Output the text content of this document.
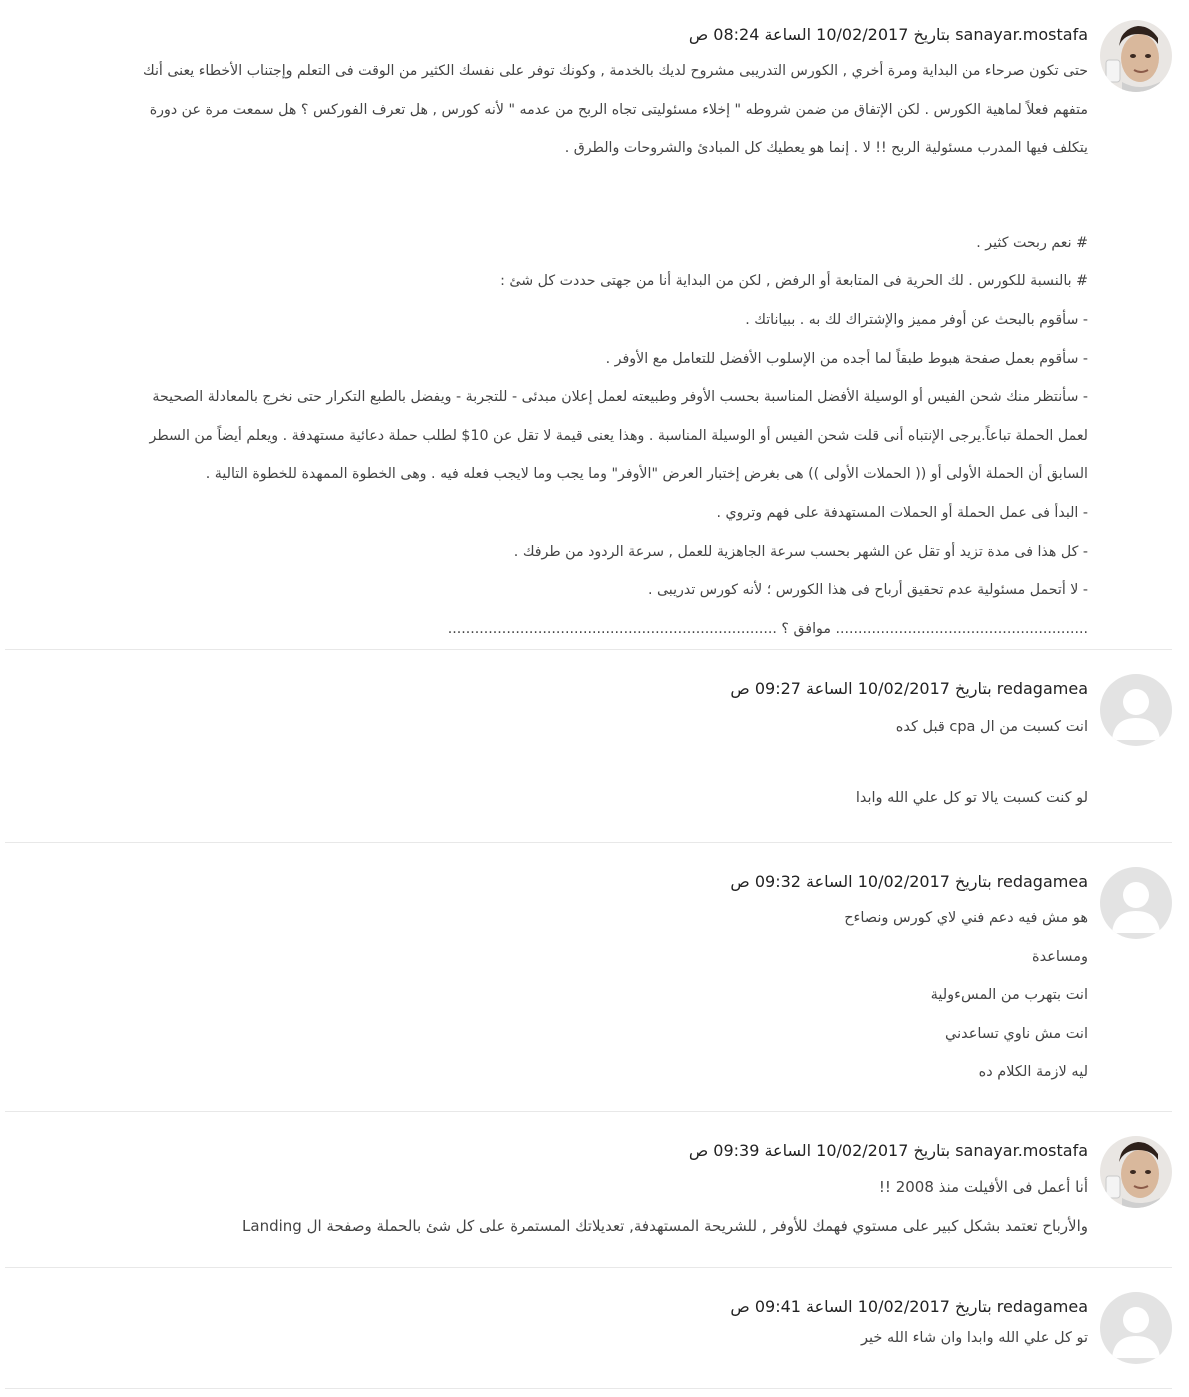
sanayar.mostafa بتاريخ 10/02/2017 الساعة 08:24 ص
حتى تكون صرحاء من البداية ومرة أخري , الكورس التدريبى مشروح لديك بالخدمة , وكونك توفر على نفسك الكثير من الوقت فى التعلم وإجتناب الأخطاء يعنى أنك
متفهم فعلاً لماهية الكورس . لكن الإتفاق من ضمن شروطه " إخلاء مسئوليتى تجاه الربح من عدمه " لأنه كورس , هل تعرف الفوركس ؟ هل سمعت مرة عن دورة
يتكلف فيها المدرب مسئولية الربح !! لا . إنما هو يعطيك كل المبادئ والشروحات والطرق .
# نعم ربحت كثير .
# بالنسبة للكورس . لك الحرية فى المتابعة أو الرفض , لكن من البداية أنا من جهتى حددت كل شئ :
- سأقوم بالبحث عن أوفر مميز والإشتراك لك به . ببياناتك .
- سأقوم بعمل صفحة هبوط طبقاً لما أجده من الإسلوب الأفضل للتعامل مع الأوفر .
- سأنتظر منك شحن الفيس أو الوسيلة الأفضل المناسبة بحسب الأوفر وطبيعته لعمل إعلان مبدئى - للتجربة - ويفضل بالطبع التكرار حتى نخرج بالمعادلة الصحيحة
لعمل الحملة تباعاً.يرجى الإنتباه أنى قلت شحن الفيس أو الوسيلة المناسبة . وهذا يعنى قيمة لا تقل عن 10$ لطلب حملة دعائية مستهدفة . ويعلم أيضاً من السطر
السابق أن الحملة الأولى أو (( الحملات الأولى )) هى بغرض إختبار العرض "الأوفر" وما يجب وما لايجب فعله فيه . وهى الخطوة الممهدة للخطوة التالية .
- البدأ فى عمل الحملة أو الحملات المستهدفة على فهم وتروي .
- كل هذا فى مدة تزيد أو تقل عن الشهر بحسب سرعة الجاهزية للعمل , سرعة الردود من طرفك .
- لا أتحمل مسئولية عدم تحقيق أرباح فى هذا الكورس ؛ لأنه كورس تدريبى .
........................................................ موافق ؟ .........................................................................
redagamea بتاريخ 10/02/2017 الساعة 09:27 ص
انت كسبت من ال cpa قبل كده
لو كنت كسبت يالا تو كل علي الله وابدا
redagamea بتاريخ 10/02/2017 الساعة 09:32 ص
هو مش فيه دعم فني لاي كورس ونصاءح
ومساعدة
انت بتهرب من المسءولية
انت مش ناوي تساعدني
ليه لازمة الكلام ده
sanayar.mostafa بتاريخ 10/02/2017 الساعة 09:39 ص
أنا أعمل فى الأفيلت منذ 2008 !!
والأرباح تعتمد بشكل كبير على مستوي فهمك للأوفر , للشريحة المستهدفة, تعديلاتك المستمرة على كل شئ بالحملة وصفحة ال Landing
redagamea بتاريخ 10/02/2017 الساعة 09:41 ص
تو كل علي الله وابدا وان شاء الله خير
